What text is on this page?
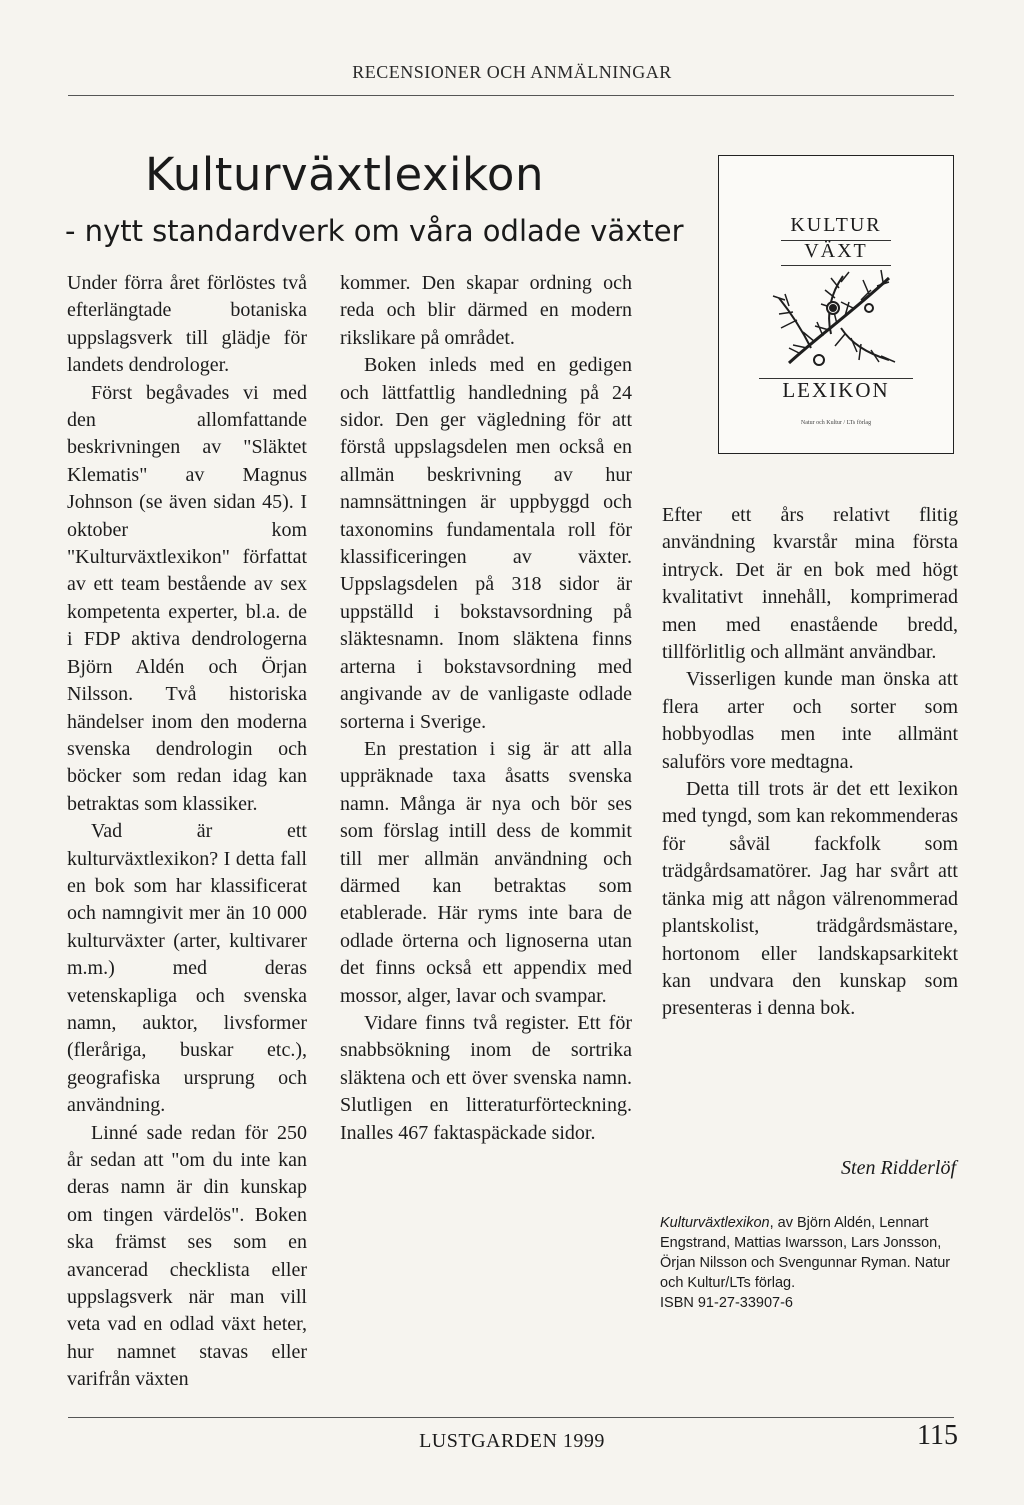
RECENSIONER OCH ANMÄLNINGAR
Kulturväxtlexikon
- nytt standardverk om våra odlade växter

Under förra året förlöstes två efterlängtade botaniska uppslagsverk till glädje för landets dendrologer.

Först begåvades vi med den allomfattande beskrivningen av "Släktet Klematis" av Magnus Johnson (se även sidan 45). I oktober kom "Kulturväxtlexikon" författat av ett team bestående av sex kompetenta experter, bl.a. de i FDP aktiva dendrologerna Björn Aldén och Örjan Nilsson. Två historiska händelser inom den moderna svenska dendrologin och böcker som redan idag kan betraktas som klassiker.

Vad är ett kulturväxtlexikon? I detta fall en bok som har klassificerat och namngivit mer än 10 000 kulturväxter (arter, kultivarer m.m.) med deras vetenskapliga och svenska namn, auktor, livsformer (fleråriga, buskar etc.), geografiska ursprung och användning.

Linné sade redan för 250 år sedan att "om du inte kan deras namn är din kunskap om tingen värdelös". Boken ska främst ses som en avancerad checklista eller uppslagsverk när man vill veta vad en odlad växt heter, hur namnet stavas eller varifrån växten

kommer. Den skapar ordning och reda och blir därmed en modern rikslikare på området.

Boken inleds med en gedigen och lättfattlig handledning på 24 sidor. Den ger vägledning för att förstå uppslagsdelen men också en allmän beskrivning av hur namnsättningen är uppbyggd och taxonomins fundamentala roll för klassificeringen av växter. Uppslagsdelen på 318 sidor är uppställd i bokstavsordning på släktesnamn. Inom släktena finns arterna i bokstavsordning med angivande av de vanligaste odlade sorterna i Sverige.

En prestation i sig är att alla uppräknade taxa åsatts svenska namn. Många är nya och bör ses som förslag intill dess de kommit till mer allmän användning och därmed kan betraktas som etablerade. Här ryms inte bara de odlade örterna och lignoserna utan det finns också ett appendix med mossor, alger, lavar och svampar.

Vidare finns två register. Ett för snabbsökning inom de sortrika släktena och ett över svenska namn. Slutligen en litteraturförteckning. Inalles 467 faktaspäckade sidor.

KULTUR
VÄXT
LEXIKON
Natur och Kultur / LTs förlag

Efter ett års relativt flitig användning kvarstår mina första intryck. Det är en bok med högt kvalitativt innehåll, komprimerad men med enastående bredd, tillförlitlig och allmänt användbar.

Visserligen kunde man önska att flera arter och sorter som hobbyodlas men inte allmänt saluförs vore medtagna.

Detta till trots är det ett lexikon med tyngd, som kan rekommenderas för såväl fackfolk som trädgårdsamatörer. Jag har svårt att tänka mig att någon välrenommerad plantskolist, trädgårdsmästare, hortonom eller landskapsarkitekt kan undvara den kunskap som presenteras i denna bok.

Sten Ridderlöf
Kulturväxtlexikon, av Björn Aldén, Lennart Engstrand, Mattias Iwarsson, Lars Jonsson, Örjan Nilsson och Svengunnar Ryman. Natur och Kultur/LTs förlag.
ISBN 91-27-33907-6
LUSTGARDEN 1999	115
